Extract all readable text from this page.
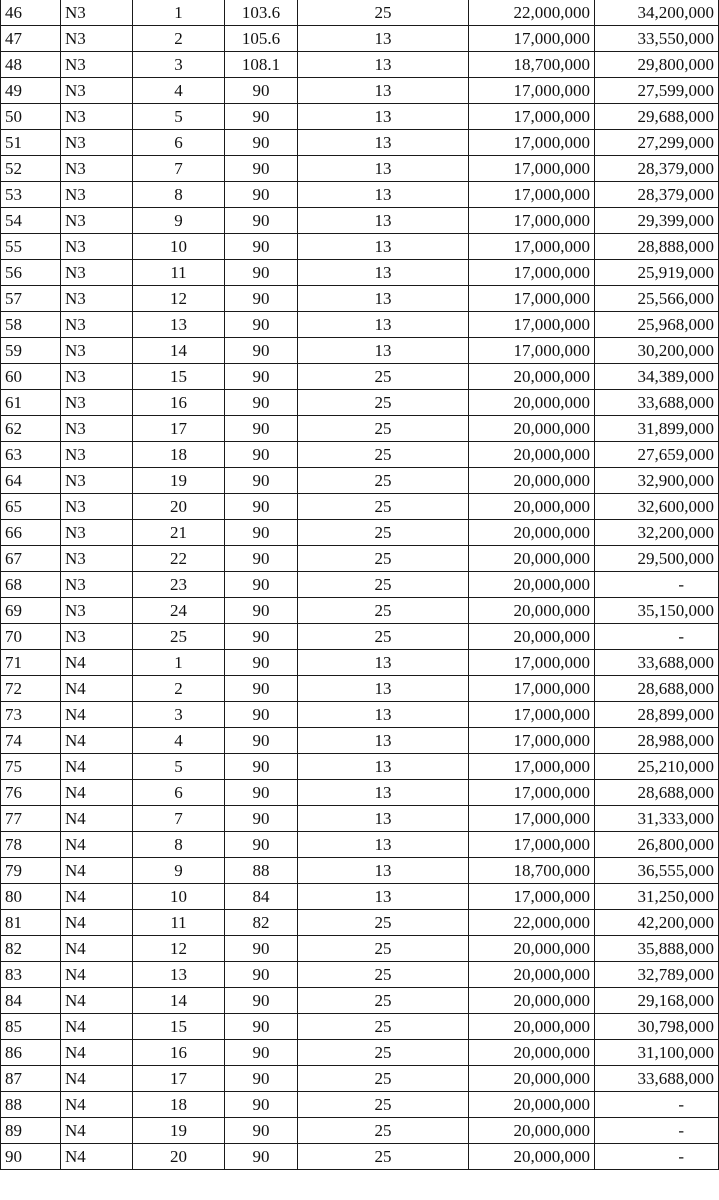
46	N3	1	103.6	25	22,000,000	34,200,000
47	N3	2	105.6	13	17,000,000	33,550,000
48	N3	3	108.1	13	18,700,000	29,800,000
49	N3	4	90	13	17,000,000	27,599,000
50	N3	5	90	13	17,000,000	29,688,000
51	N3	6	90	13	17,000,000	27,299,000
52	N3	7	90	13	17,000,000	28,379,000
53	N3	8	90	13	17,000,000	28,379,000
54	N3	9	90	13	17,000,000	29,399,000
55	N3	10	90	13	17,000,000	28,888,000
56	N3	11	90	13	17,000,000	25,919,000
57	N3	12	90	13	17,000,000	25,566,000
58	N3	13	90	13	17,000,000	25,968,000
59	N3	14	90	13	17,000,000	30,200,000
60	N3	15	90	25	20,000,000	34,389,000
61	N3	16	90	25	20,000,000	33,688,000
62	N3	17	90	25	20,000,000	31,899,000
63	N3	18	90	25	20,000,000	27,659,000
64	N3	19	90	25	20,000,000	32,900,000
65	N3	20	90	25	20,000,000	32,600,000
66	N3	21	90	25	20,000,000	32,200,000
67	N3	22	90	25	20,000,000	29,500,000
68	N3	23	90	25	20,000,000	-
69	N3	24	90	25	20,000,000	35,150,000
70	N3	25	90	25	20,000,000	-
71	N4	1	90	13	17,000,000	33,688,000
72	N4	2	90	13	17,000,000	28,688,000
73	N4	3	90	13	17,000,000	28,899,000
74	N4	4	90	13	17,000,000	28,988,000
75	N4	5	90	13	17,000,000	25,210,000
76	N4	6	90	13	17,000,000	28,688,000
77	N4	7	90	13	17,000,000	31,333,000
78	N4	8	90	13	17,000,000	26,800,000
79	N4	9	88	13	18,700,000	36,555,000
80	N4	10	84	13	17,000,000	31,250,000
81	N4	11	82	25	22,000,000	42,200,000
82	N4	12	90	25	20,000,000	35,888,000
83	N4	13	90	25	20,000,000	32,789,000
84	N4	14	90	25	20,000,000	29,168,000
85	N4	15	90	25	20,000,000	30,798,000
86	N4	16	90	25	20,000,000	31,100,000
87	N4	17	90	25	20,000,000	33,688,000
88	N4	18	90	25	20,000,000	-
89	N4	19	90	25	20,000,000	-
90	N4	20	90	25	20,000,000	-
